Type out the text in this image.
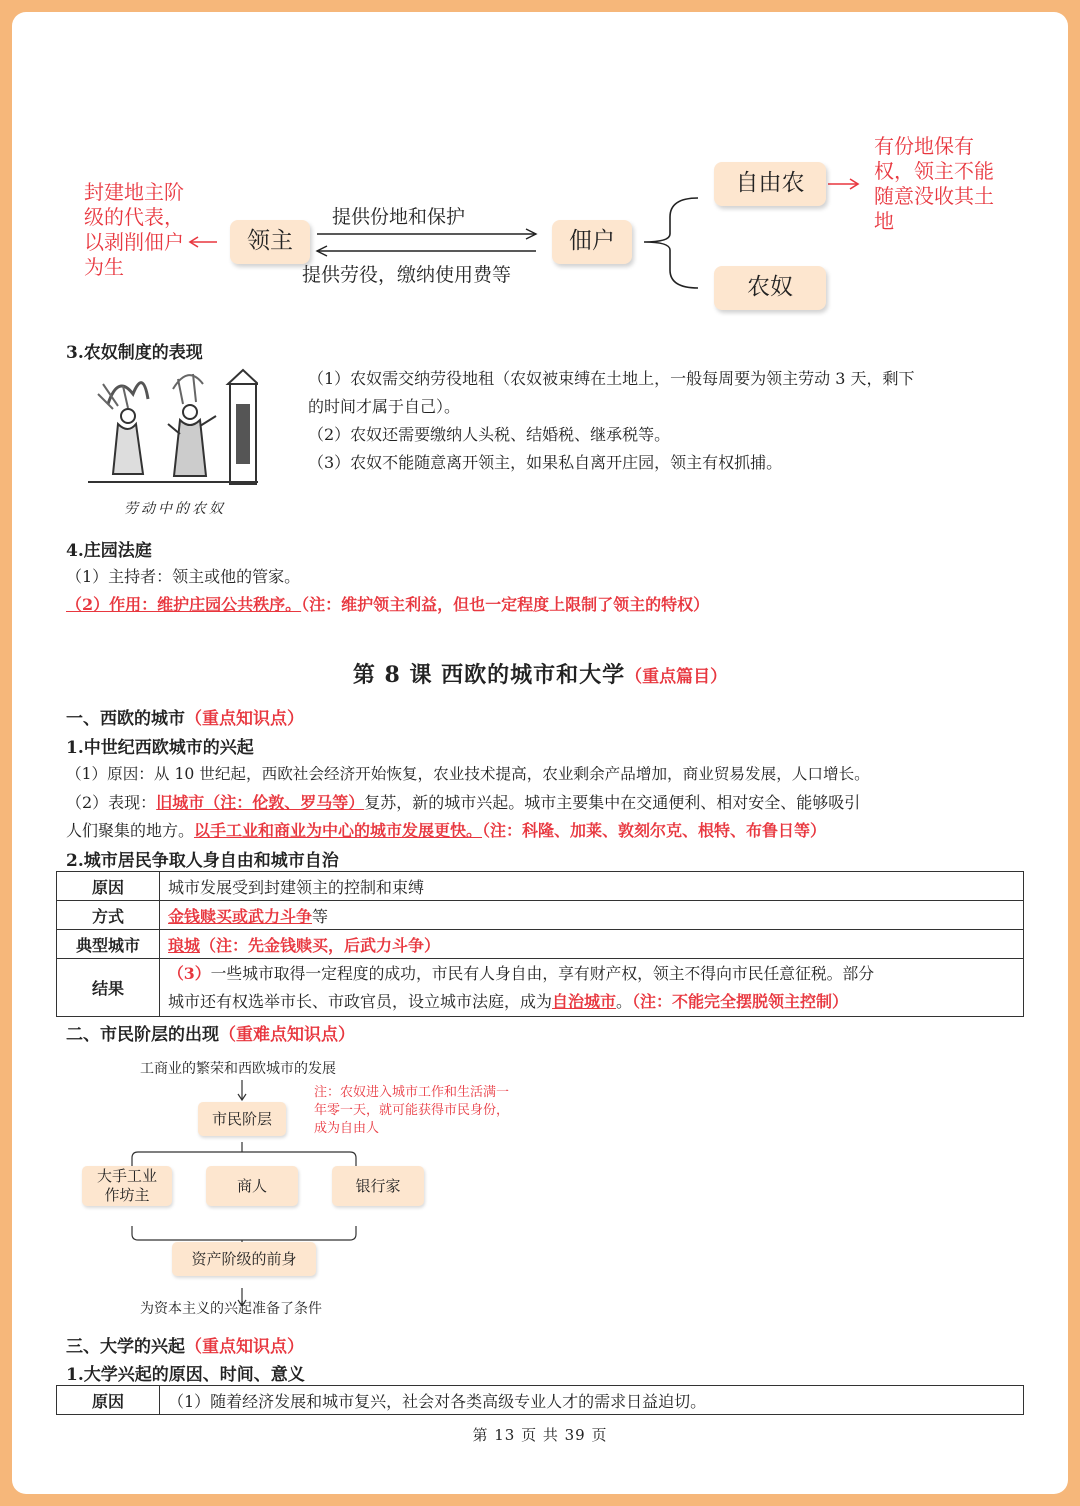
封建地主阶级的代表，以剥削佃户为生
领主
提供份地和保护
提供劳役，缴纳使用费等
佃户
自由农
农奴
有份地保有权，领主不能随意没收其土地
3.农奴制度的表现
劳动中的农奴
（1）农奴需交纳劳役地租（农奴被束缚在土地上，一般每周要为领主劳动 3 天，剩下
的时间才属于自己）。
（2）农奴还需要缴纳人头税、结婚税、继承税等。
（3）农奴不能随意离开领主，如果私自离开庄园，领主有权抓捕。
4.庄园法庭
（1）主持者：领主或他的管家。
（2）作用：维护庄园公共秩序。（注：维护领主利益，但也一定程度上限制了领主的特权）
第 8 课 西欧的城市和大学（重点篇目）
一、西欧的城市（重点知识点）
1.中世纪西欧城市的兴起
（1）原因：从 10 世纪起，西欧社会经济开始恢复，农业技术提高，农业剩余产品增加，商业贸易发展，人口增长。
（2）表现：旧城市（注：伦敦、罗马等）复苏，新的城市兴起。城市主要集中在交通便利、相对安全、能够吸引
人们聚集的地方。以手工业和商业为中心的城市发展更快。（注：科隆、加莱、敦刻尔克、根特、布鲁日等）
2.城市居民争取人身自由和城市自治
原因	城市发展受到封建领主的控制和束缚
方式	金钱赎买或武力斗争等
典型城市	琅城（注：先金钱赎买，后武力斗争）
结果	（3）一些城市取得一定程度的成功，市民有人身自由，享有财产权，领主不得向市民任意征税。部分
城市还有权选举市长、市政官员，设立城市法庭，成为自治城市。（注：不能完全摆脱领主控制）
二、市民阶层的出现（重难点知识点）
工商业的繁荣和西欧城市的发展
市民阶层
注：农奴进入城市工作和生活满一
年零一天，就可能获得市民身份，
成为自由人
大手工业
作坊主
商人	银行家
资产阶级的前身
为资本主义的兴起准备了条件
三、大学的兴起（重点知识点）
1.大学兴起的原因、时间、意义
原因	（1）随着经济发展和城市复兴，社会对各类高级专业人才的需求日益迫切。
第 13 页 共 39 页
